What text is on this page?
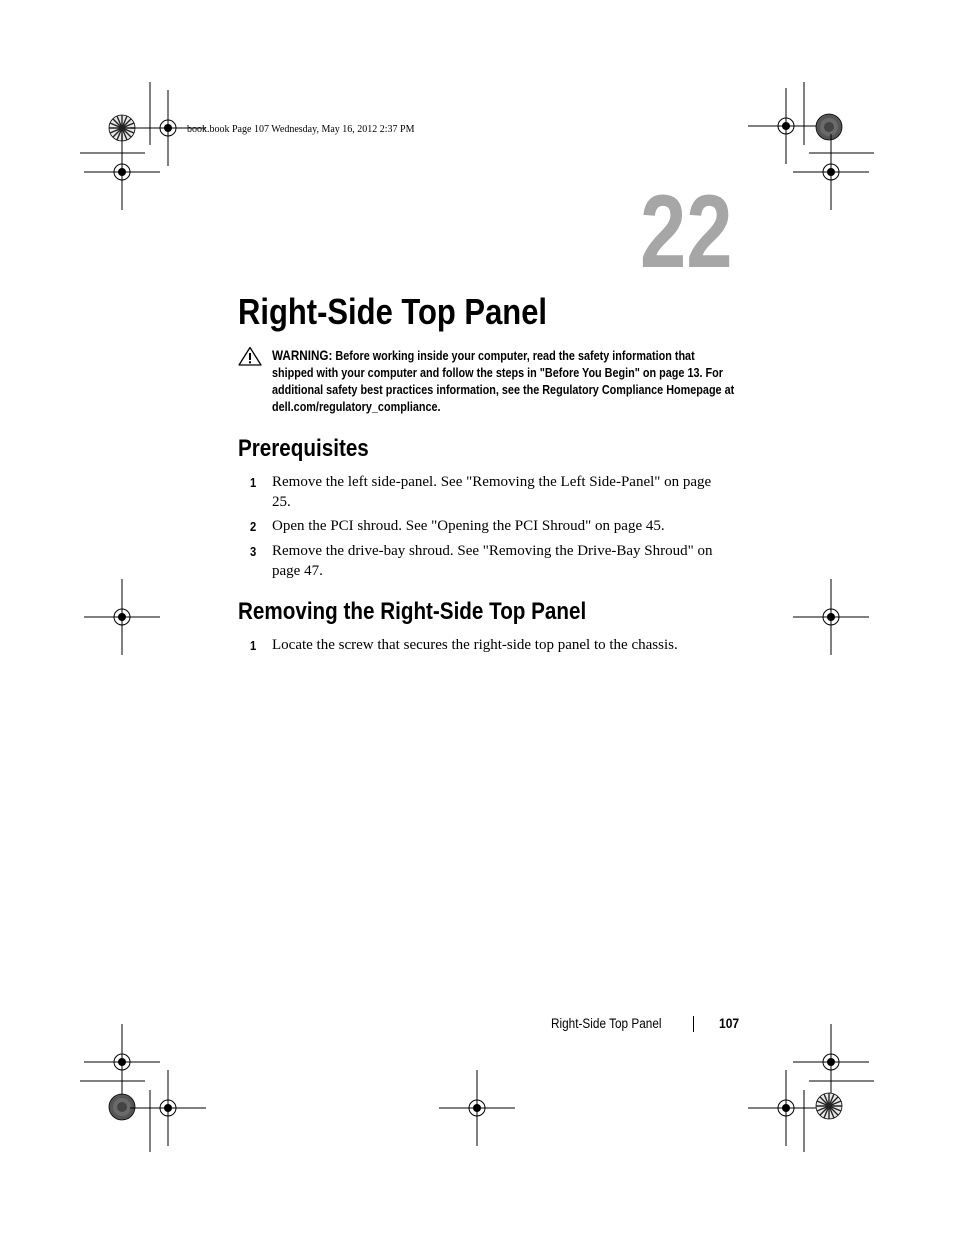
book.book Page 107 Wednesday, May 16, 2012 2:37 PM
22
Right-Side Top Panel
WARNING: Before working inside your computer, read the safety information that shipped with your computer and follow the steps in "Before You Begin" on page 13. For additional safety best practices information, see the Regulatory Compliance Homepage at dell.com/regulatory_compliance.
Prerequisites
1 Remove the left side-panel. See "Removing the Left Side-Panel" on page 25.
2 Open the PCI shroud. See "Opening the PCI Shroud" on page 45.
3 Remove the drive-bay shroud. See "Removing the Drive-Bay Shroud" on page 47.
Removing the Right-Side Top Panel
1 Locate the screw that secures the right-side top panel to the chassis.
Right-Side Top Panel	107
